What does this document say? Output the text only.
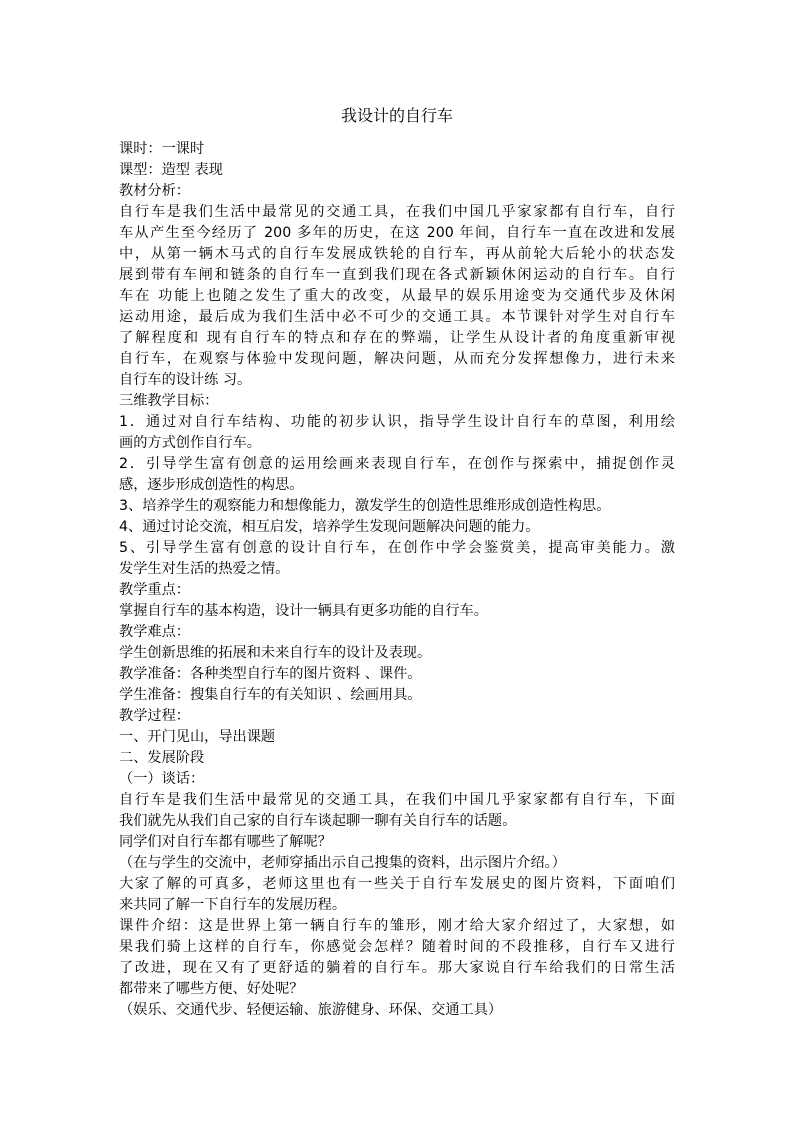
我设计的自行车
课时：一课时
课型：造型 表现
教材分析：
自行车是我们生活中最常见的交通工具，在我们中国几乎家家都有自行车，自行
车从产生至今经历了 200 多年的历史，在这 200 年间，自行车一直在改进和发展
中，从第一辆木马式的自行车发展成铁轮的自行车，再从前轮大后轮小的状态发
展到带有车闸和链条的自行车一直到我们现在各式新颖休闲运动的自行车。自行
车在 功能上也随之发生了重大的改变，从最早的娱乐用途变为交通代步及休闲
运动用途，最后成为我们生活中必不可少的交通工具。本节课针对学生对自行车
了解程度和 现有自行车的特点和存在的弊端，让学生从设计者的角度重新审视
自行车，在观察与体验中发现问题，解决问题，从而充分发挥想像力，进行未来
自行车的设计练 习。
三维教学目标：
1．通过对自行车结构、功能的初步认识，指导学生设计自行车的草图，利用绘
画的方式创作自行车。
2．引导学生富有创意的运用绘画来表现自行车，在创作与探索中，捕捉创作灵
感，逐步形成创造性的构思。
3、培养学生的观察能力和想像能力，激发学生的创造性思维形成创造性构思。
4、通过讨论交流，相互启发，培养学生发现问题解决问题的能力。
5、引导学生富有创意的设计自行车，在创作中学会鉴赏美，提高审美能力。激
发学生对生活的热爱之情。
教学重点：
掌握自行车的基本构造，设计一辆具有更多功能的自行车。
教学难点：
学生创新思维的拓展和未来自行车的设计及表现。
教学准备：各种类型自行车的图片资料 、课件。
学生准备：搜集自行车的有关知识 、绘画用具。
教学过程：
一、开门见山，导出课题
二、发展阶段
（一）谈话：
自行车是我们生活中最常见的交通工具，在我们中国几乎家家都有自行车，下面
我们就先从我们自己家的自行车谈起聊一聊有关自行车的话题。
同学们对自行车都有哪些了解呢？
（在与学生的交流中，老师穿插出示自己搜集的资料，出示图片介绍。）
大家了解的可真多，老师这里也有一些关于自行车发展史的图片资料，下面咱们
来共同了解一下自行车的发展历程。
课件介绍：这是世界上第一辆自行车的雏形，刚才给大家介绍过了，大家想，如
果我们骑上这样的自行车，你感觉会怎样？随着时间的不段推移，自行车又进行
了改进，现在又有了更舒适的躺着的自行车。那大家说自行车给我们的日常生活
都带来了哪些方便、好处呢？
（娱乐、交通代步、轻便运输、旅游健身、环保、交通工具）
